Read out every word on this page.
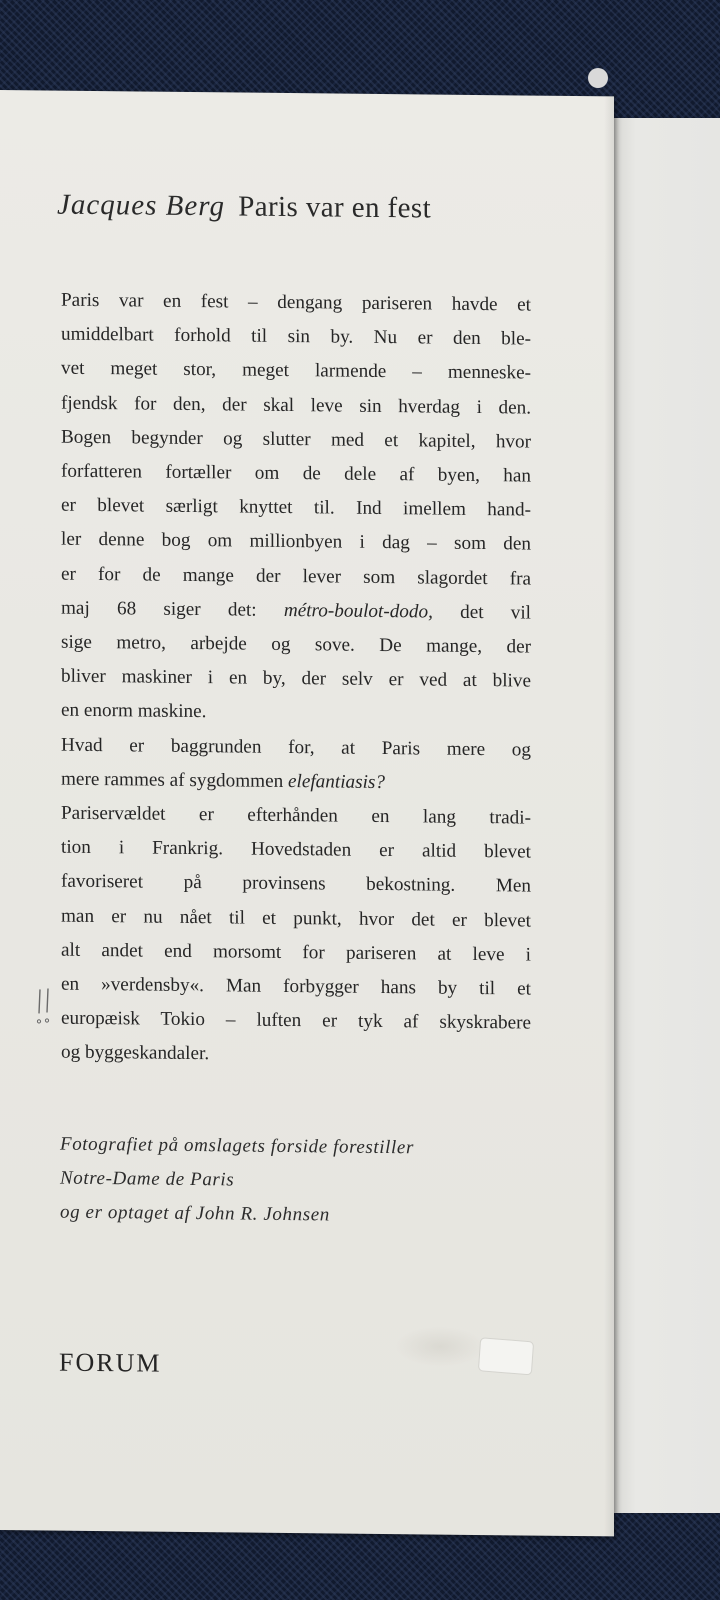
Jacques Berg Paris var en fest
Paris var en fest – dengang pariseren havde et
umiddelbart forhold til sin by. Nu er den ble-
vet meget stor, meget larmende – menneske-
fjendsk for den, der skal leve sin hverdag i den.
Bogen begynder og slutter med et kapitel, hvor
forfatteren fortæller om de dele af byen, han
er blevet særligt knyttet til. Ind imellem hand-
ler denne bog om millionbyen i dag – som den
er for de mange der lever som slagordet fra
maj 68 siger det: métro-boulot-dodo, det vil
sige metro, arbejde og sove. De mange, der
bliver maskiner i en by, der selv er ved at blive
en enorm maskine.
Hvad er baggrunden for, at Paris mere og
mere rammes af sygdommen elefantiasis?
Pariservældet er efterhånden en lang tradi-
tion i Frankrig. Hovedstaden er altid blevet
favoriseret på provinsens bekostning. Men
man er nu nået til et punkt, hvor det er blevet
alt andet end morsomt for pariseren at leve i
en »verdensby«. Man forbygger hans by til et
europæisk Tokio – luften er tyk af skyskrabere
og byggeskandaler.
Fotografiet på omslagets forside forestiller
Notre-Dame de Paris
og er optaget af John R. Johnsen
FORUM
